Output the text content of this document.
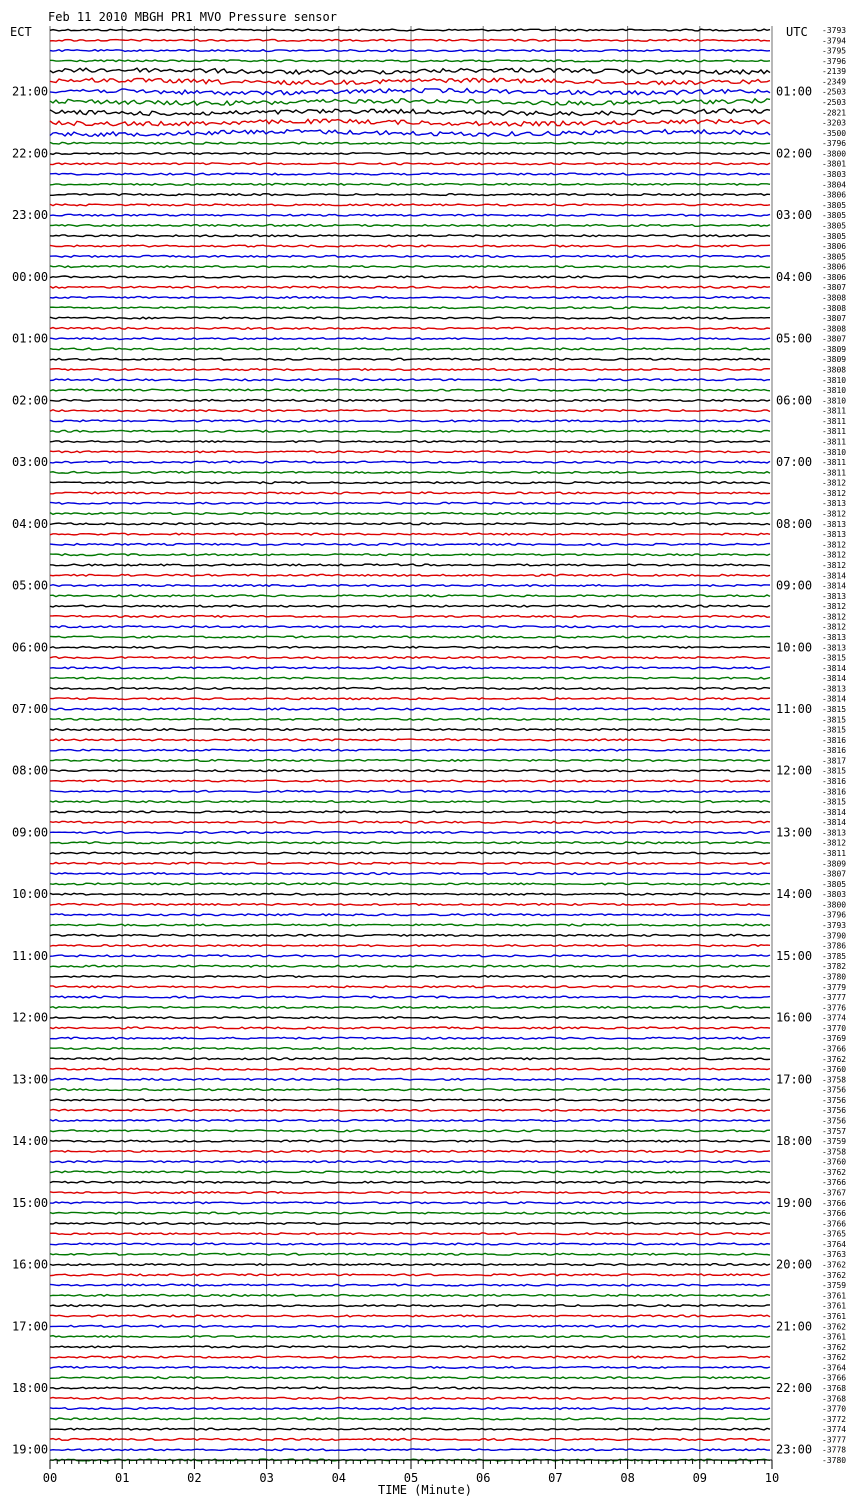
Feb 11 2010 MBGH PR1 MVO Pressure sensor
ECT	UTC
21:00
22:00
23:00
00:00
01:00
02:00
03:00
04:00
05:00
06:00
07:00
08:00
09:00
10:00
11:00
12:00
13:00
14:00
15:00
16:00
17:00
18:00
19:00
01:00
02:00
03:00
04:00
05:00
06:00
07:00
08:00
09:00
10:00
11:00
12:00
13:00
14:00
15:00
16:00
17:00
18:00
19:00
20:00
21:00
22:00
23:00
-3793
-3794
-3795
-3796
-2139
-2349
-2503
-2503
-2821
-3203
-3500
-3796
-3800
-3801
-3803
-3804
-3806
-3805
-3805
-3805
-3805
-3806
-3805
-3806
-3806
-3807
-3808
-3808
-3807
-3808
-3807
-3809
-3809
-3808
-3810
-3810
-3810
-3811
-3811
-3811
-3811
-3810
-3811
-3811
-3812
-3812
-3813
-3812
-3813
-3813
-3812
-3812
-3812
-3814
-3814
-3813
-3812
-3812
-3812
-3813
-3813
-3815
-3814
-3814
-3813
-3814
-3815
-3815
-3815
-3816
-3816
-3817
-3815
-3816
-3816
-3815
-3814
-3814
-3813
-3812
-3811
-3809
-3807
-3805
-3803
-3800
-3796
-3793
-3790
-3786
-3785
-3782
-3780
-3779
-3777
-3776
-3774
-3770
-3769
-3766
-3762
-3760
-3758
-3756
-3756
-3756
-3756
-3757
-3759
-3758
-3760
-3762
-3766
-3767
-3766
-3766
-3766
-3765
-3764
-3763
-3762
-3762
-3759
-3761
-3761
-3761
-3762
-3761
-3762
-3762
-3764
-3766
-3768
-3768
-3770
-3772
-3774
-3777
-3778
-3780
00	01	02	03	04	05	06	07	08	09	10
TIME (Minute)
